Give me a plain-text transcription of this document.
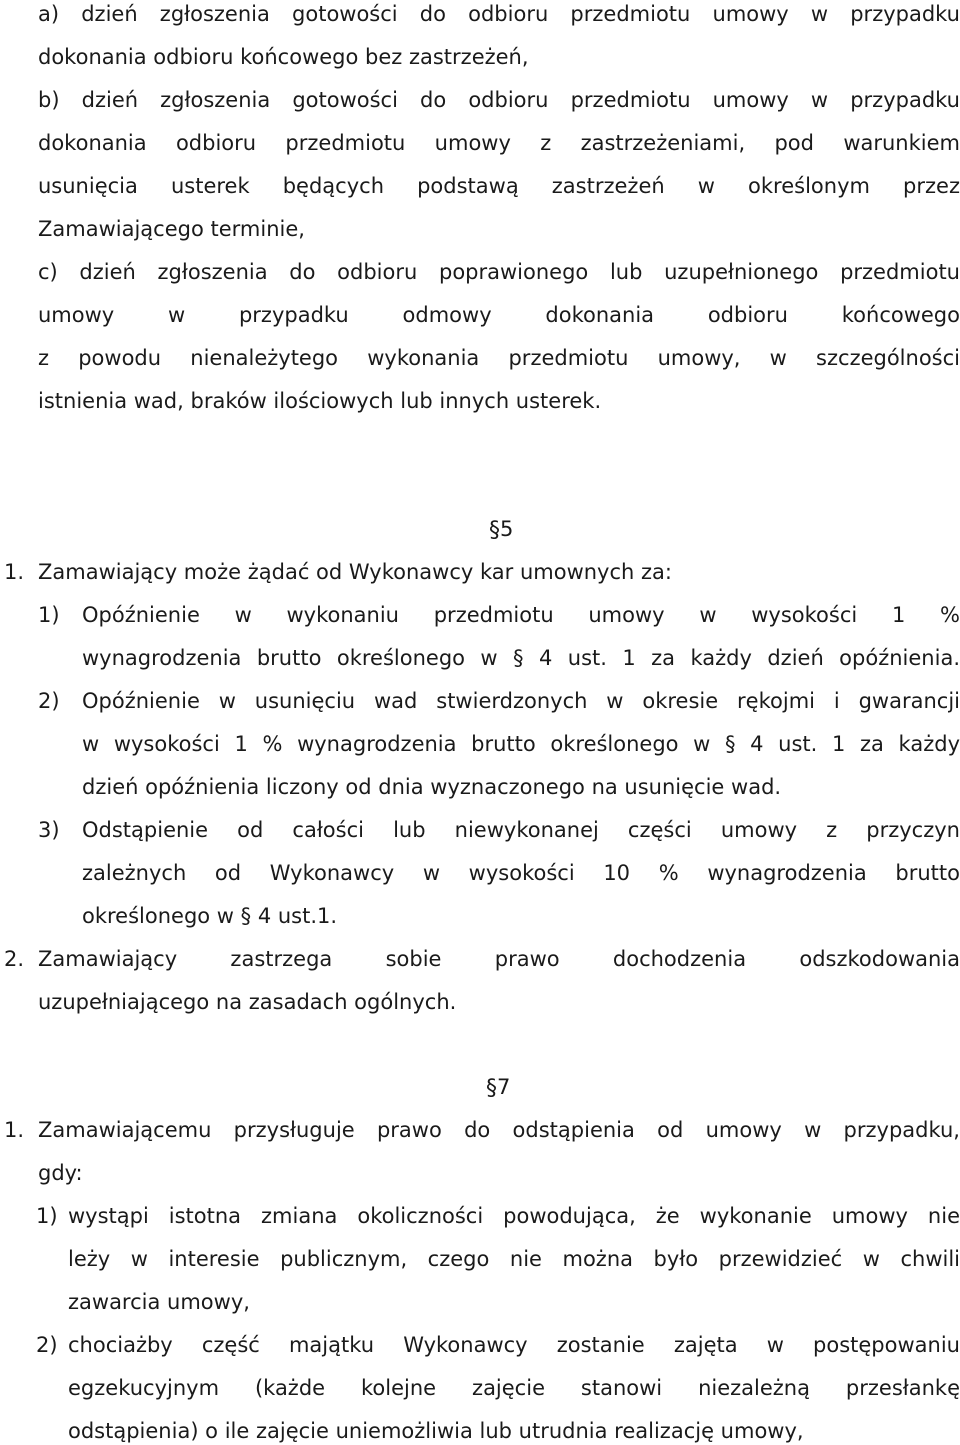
a) dzień zgłoszenia gotowości do odbioru przedmiotu umowy w przypadku
dokonania odbioru końcowego bez zastrzeżeń,
b) dzień zgłoszenia gotowości do odbioru przedmiotu umowy w przypadku
dokonania odbioru przedmiotu umowy z zastrzeżeniami, pod warunkiem
usunięcia usterek będących podstawą zastrzeżeń w określonym przez
Zamawiającego terminie,
c) dzień zgłoszenia do odbioru poprawionego lub uzupełnionego przedmiotu
umowy w przypadku odmowy dokonania odbioru końcowego
z powodu nienależytego wykonania przedmiotu umowy, w szczególności
istnienia wad, braków ilościowych lub innych usterek.
§5
1. Zamawiający może żądać od Wykonawcy kar umownych za:
1) Opóźnienie w wykonaniu przedmiotu umowy w wysokości 1 %
wynagrodzenia brutto określonego w § 4 ust. 1 za każdy dzień opóźnienia.
2) Opóźnienie w usunięciu wad stwierdzonych w okresie rękojmi i gwarancji
w wysokości 1 % wynagrodzenia brutto określonego w § 4 ust. 1 za każdy
dzień opóźnienia liczony od dnia wyznaczonego na usunięcie wad.
3) Odstąpienie od całości lub niewykonanej części umowy z przyczyn
zależnych od Wykonawcy w wysokości 10 % wynagrodzenia brutto
określonego w § 4 ust.1.
2. Zamawiający zastrzega sobie prawo dochodzenia odszkodowania
uzupełniającego na zasadach ogólnych.
§7
1. Zamawiającemu przysługuje prawo do odstąpienia od umowy w przypadku,
gdy:
1) wystąpi istotna zmiana okoliczności powodująca, że wykonanie umowy nie
leży w interesie publicznym, czego nie można było przewidzieć w chwili
zawarcia umowy,
2) chociażby część majątku Wykonawcy zostanie zajęta w postępowaniu
egzekucyjnym (każde kolejne zajęcie stanowi niezależną przesłankę
odstąpienia) o ile zajęcie uniemożliwia lub utrudnia realizację umowy,
